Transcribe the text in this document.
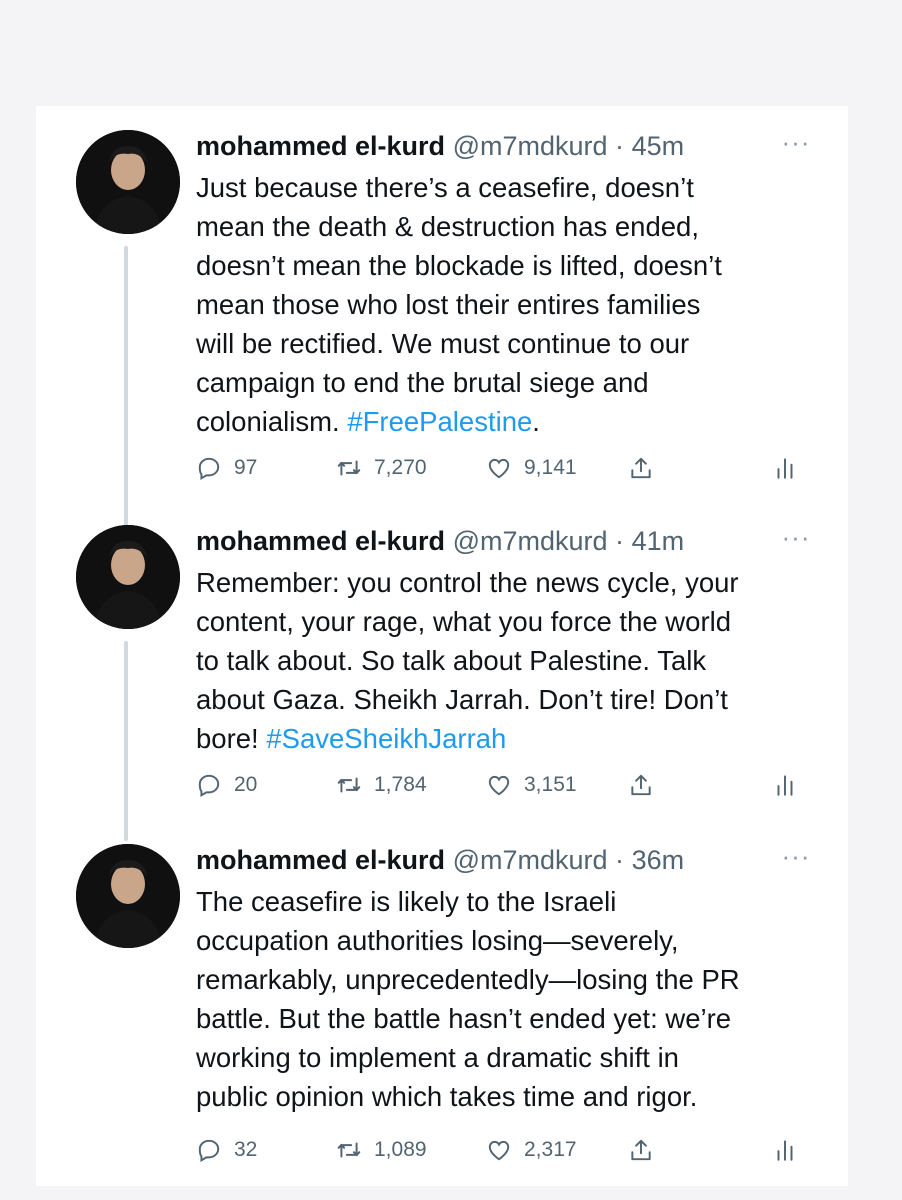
mohammed el-kurd @m7mdkurd · 45m	···
Just because there’s a ceasefire, doesn’t
mean the death & destruction has ended,
doesn’t mean the blockade is lifted, doesn’t
mean those who lost their entires families
will be rectified. We must continue to our
campaign to end the brutal siege and
colonialism. #FreePalestine.
97	7,270	9,141
mohammed el-kurd @m7mdkurd · 41m	···
Remember: you control the news cycle, your
content, your rage, what you force the world
to talk about. So talk about Palestine. Talk
about Gaza. Sheikh Jarrah. Don’t tire! Don’t
bore! #SaveSheikhJarrah
20	1,784	3,151
mohammed el-kurd @m7mdkurd · 36m	···
The ceasefire is likely to the Israeli
occupation authorities losing—severely,
remarkably, unprecedentedly—losing the PR
battle. But the battle hasn’t ended yet: we’re
working to implement a dramatic shift in
public opinion which takes time and rigor.
32	1,089	2,317
